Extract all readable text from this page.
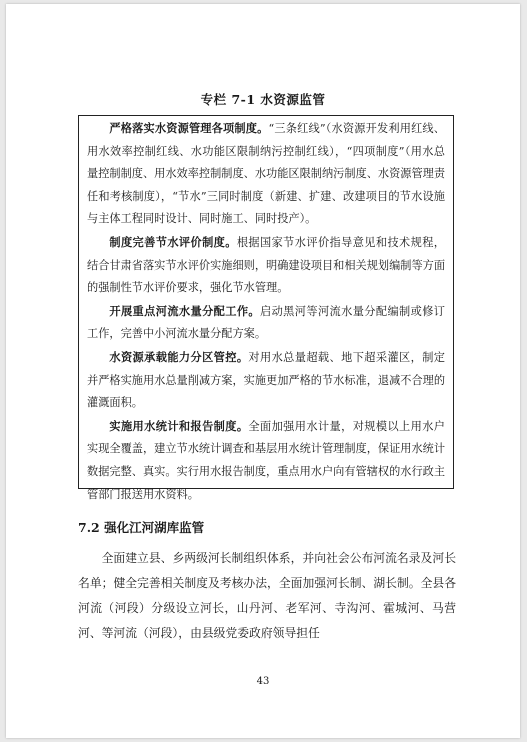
专栏 7-1 水资源监管

严格落实水资源管理各项制度。“三条红线”（水资源开发利用红线、用水效率控制红线、水功能区限制纳污控制红线），“四项制度”（用水总量控制制度、用水效率控制制度、水功能区限制纳污制度、水资源管理责任和考核制度），“节水”三同时制度（新建、扩建、改建项目的节水设施与主体工程同时设计、同时施工、同时投产）。

制度完善节水评价制度。根据国家节水评价指导意见和技术规程，结合甘肃省落实节水评价实施细则，明确建设项目和相关规划编制等方面的强制性节水评价要求，强化节水管理。

开展重点河流水量分配工作。启动黑河等河流水量分配编制或修订工作，完善中小河流水量分配方案。

水资源承载能力分区管控。对用水总量超载、地下超采灌区，制定并严格实施用水总量削减方案，实施更加严格的节水标准，退减不合理的灌溉面积。

实施用水统计和报告制度。全面加强用水计量，对规模以上用水户实现全覆盖，建立节水统计调查和基层用水统计管理制度，保证用水统计数据完整、真实。实行用水报告制度，重点用水户向有管辖权的水行政主管部门报送用水资料。

7.2 强化江河湖库监管

全面建立县、乡两级河长制组织体系，并向社会公布河流名录及河长名单；健全完善相关制度及考核办法，全面加强河长制、湖长制。全县各河流（河段）分级设立河长，山丹河、老军河、寺沟河、霍城河、马营河、等河流（河段），由县级党委政府领导担任

43
